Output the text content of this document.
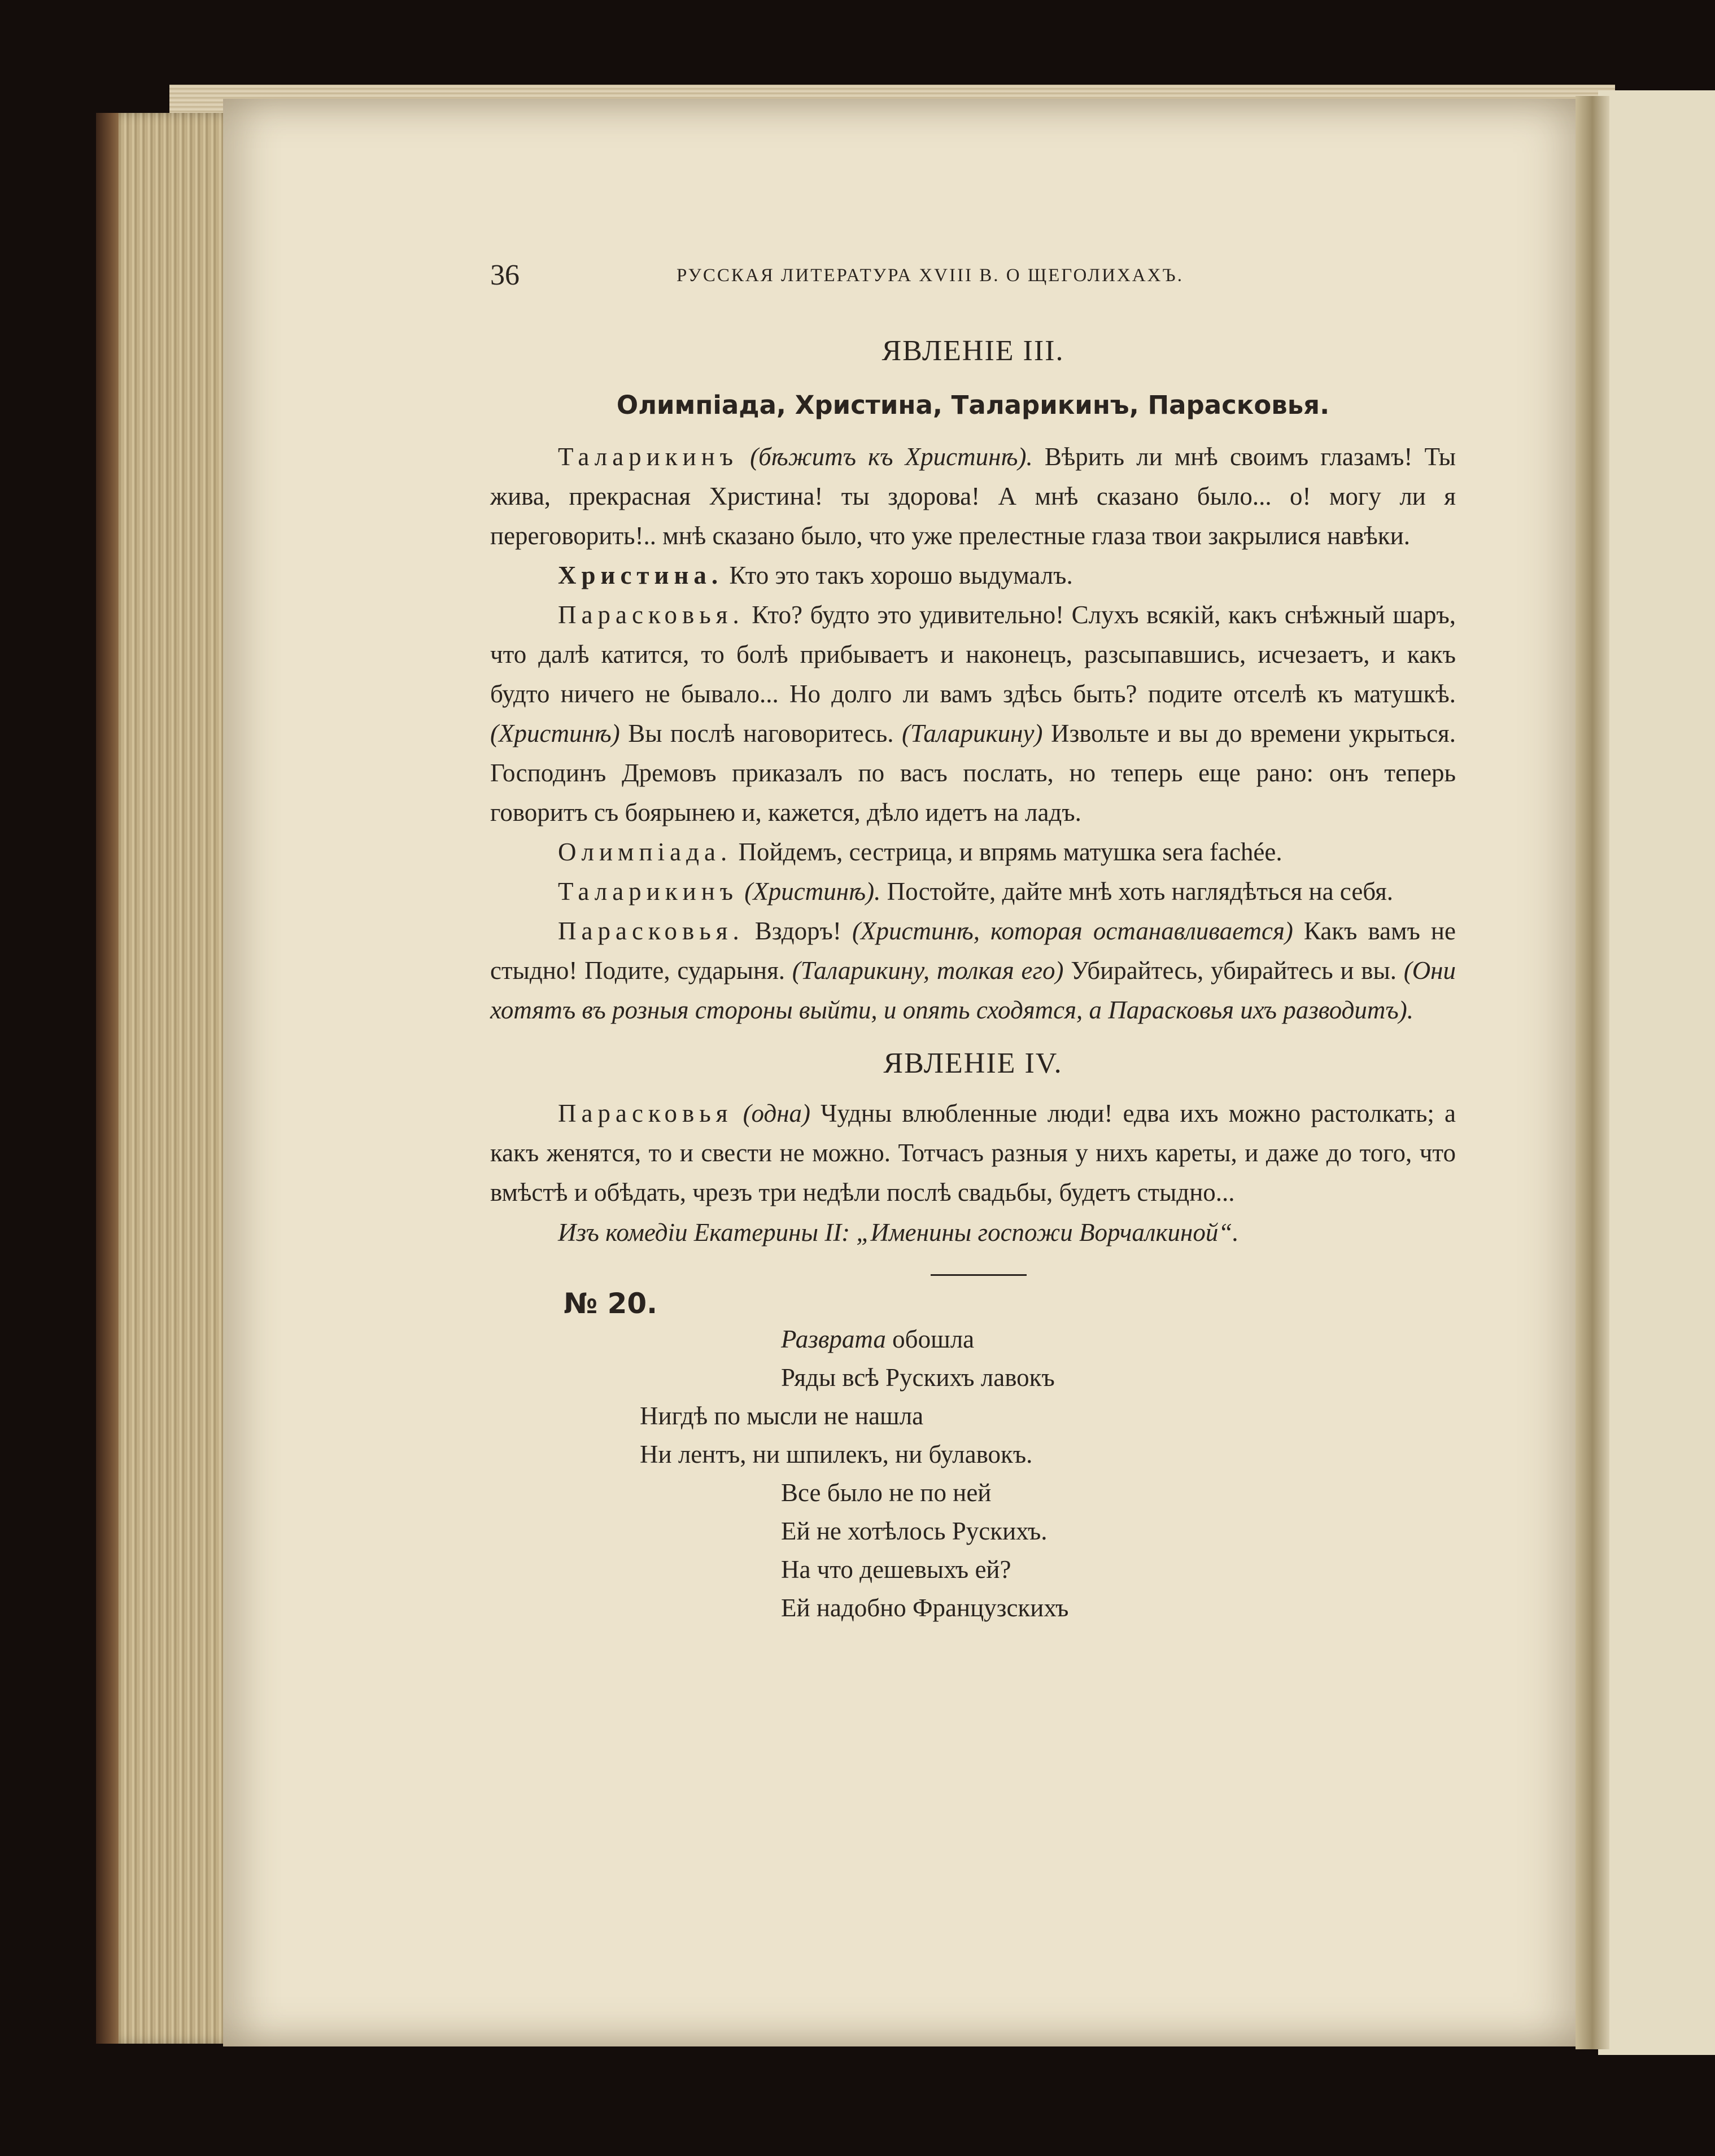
36	РУССКАЯ ЛИТЕРАТУРА XVIII В. О ЩЕГОЛИХАХЪ.
ЯВЛЕНIЕ III.
Олимпiада, Христина, Таларикинъ, Парасковья.

Таларикинъ (бѣжитъ къ Христинѣ). Вѣрить ли мнѣ своимъ глазамъ! Ты жива, прекрасная Христина! ты здорова! А мнѣ сказано было... о! могу ли я переговорить!.. мнѣ сказано было, что уже прелестные глаза твои закрылися навѣки.

Христина. Кто это такъ хорошо выдумалъ.

Парасковья. Кто? будто это удивительно! Слухъ всякiй, какъ снѣжный шаръ, что далѣ катится, то болѣ прибываетъ и наконецъ, разсыпавшись, исчезаетъ, и какъ будто ничего не бывало... Но долго ли вамъ здѣсь быть? подите отселѣ къ матушкѣ. (Христинѣ) Вы послѣ наговоритесь. (Таларикину) Извольте и вы до времени укрыться. Господинъ Дремовъ приказалъ по васъ послать, но теперь еще рано: онъ теперь говоритъ съ боярынею и, кажется, дѣло идетъ на ладъ.

Олимпiада. Пойдемъ, сестрица, и впрямь матушка sera fachée.

Таларикинъ (Христинѣ). Постойте, дайте мнѣ хоть наглядѣться на себя.

Парасковья. Вздоръ! (Христинѣ, которая останавливается) Какъ вамъ не стыдно! Подите, сударыня. (Таларикину, толкая его) Убирайтесь, убирайтесь и вы. (Они хотятъ въ розныя стороны выйти, и опять сходятся, а Парасковья ихъ разводитъ).

ЯВЛЕНIЕ IV.

Парасковья (одна) Чудны влюбленные люди! едва ихъ можно растолкать; а какъ женятся, то и свести не можно. Тотчасъ разныя у нихъ кареты, и даже до того, что вмѣстѣ и обѣдать, чрезъ три недѣли послѣ свадьбы, будетъ стыдно...

Изъ комедiи Екатерины II: „Именины госпожи Ворчалкиной“.

№ 20.
Разврата обошла
Ряды всѣ Рускихъ лавокъ
Нигдѣ по мысли не нашла
Ни лентъ, ни шпилекъ, ни булавокъ.
Все было не по ней
Ей не хотѣлось Рускихъ.
На что дешевыхъ ей?
Ей надобно Французскихъ
